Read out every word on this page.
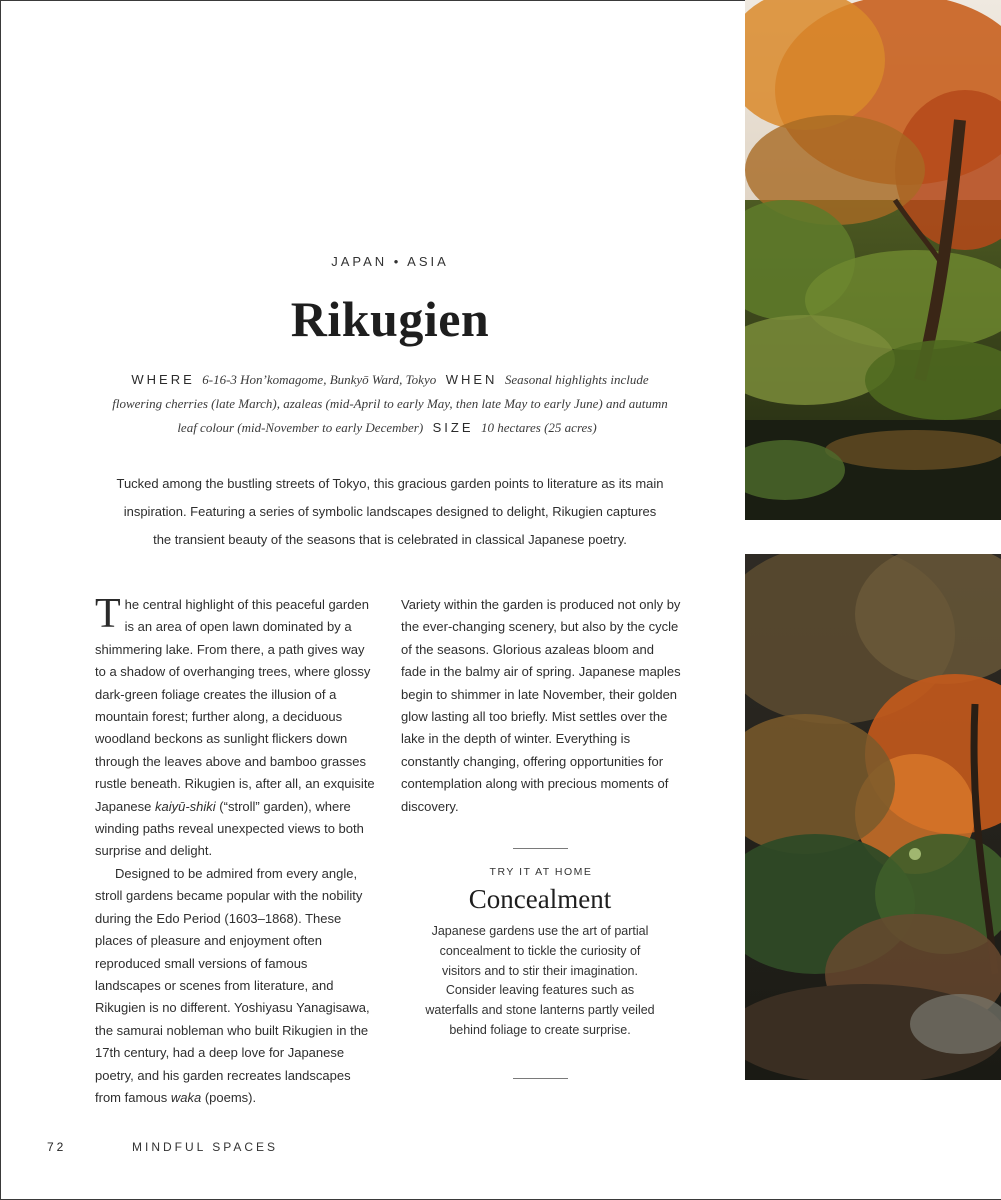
JAPAN • ASIA
Rikugien
WHERE 6-16-3 Hon’komagome, Bunkyō Ward, Tokyo WHEN Seasonal highlights include flowering cherries (late March), azaleas (mid-April to early May, then late May to early June) and autumn leaf colour (mid-November to early December) SIZE 10 hectares (25 acres)

Tucked among the bustling streets of Tokyo, this gracious garden points to literature as its main inspiration. Featuring a series of symbolic landscapes designed to delight, Rikugien captures the transient beauty of the seasons that is celebrated in classical Japanese poetry.

The central highlight of this peaceful garden is an area of open lawn dominated by a shimmering lake. From there, a path gives way to a shadow of overhanging trees, where glossy dark-green foliage creates the illusion of a mountain forest; further along, a deciduous woodland beckons as sunlight flickers down through the leaves above and bamboo grasses rustle beneath. Rikugien is, after all, an exquisite Japanese kaiyū-shiki (“stroll” garden), where winding paths reveal unexpected views to both surprise and delight.

Designed to be admired from every angle, stroll gardens became popular with the nobility during the Edo Period (1603–1868). These places of pleasure and enjoyment often reproduced small versions of famous landscapes or scenes from literature, and Rikugien is no different. Yoshiyasu Yanagisawa, the samurai nobleman who built Rikugien in the 17th century, had a deep love for Japanese poetry, and his garden recreates landscapes from famous waka (poems).

Variety within the garden is produced not only by the ever-changing scenery, but also by the cycle of the seasons. Glorious azaleas bloom and fade in the balmy air of spring. Japanese maples begin to shimmer in late November, their golden glow lasting all too briefly. Mist settles over the lake in the depth of winter. Everything is constantly changing, offering opportunities for contemplation along with precious moments of discovery.

TRY IT AT HOME
Concealment

Japanese gardens use the art of partial concealment to tickle the curiosity of visitors and to stir their imagination. Consider leaving features such as waterfalls and stone lanterns partly veiled behind foliage to create surprise.

72	MINDFUL SPACES
